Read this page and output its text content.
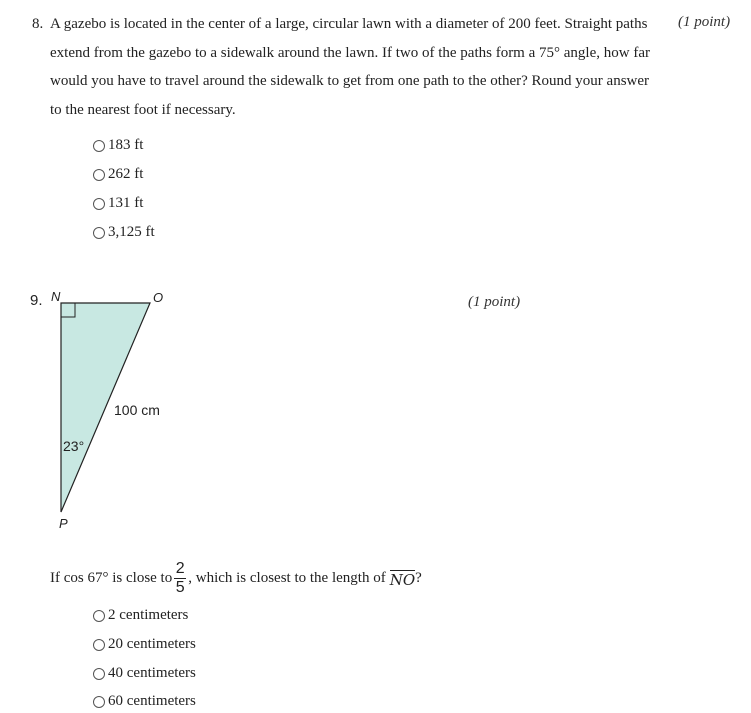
8. A gazebo is located in the center of a large, circular lawn with a diameter of 200 feet. Straight paths extend from the gazebo to a sidewalk around the lawn. If two of the paths form a 75° angle, how far would you have to travel around the sidewalk to get from one path to the other? Round your answer to the nearest foot if necessary.
(1 point)
183 ft
262 ft
131 ft
3,125 ft
9.	(1 point)
N	O
P
100 cm
23°
If cos 67° is close to $\frac{2}{5}$ , which is closest to the length of NO ?
2 centimeters
20 centimeters
40 centimeters
60 centimeters
